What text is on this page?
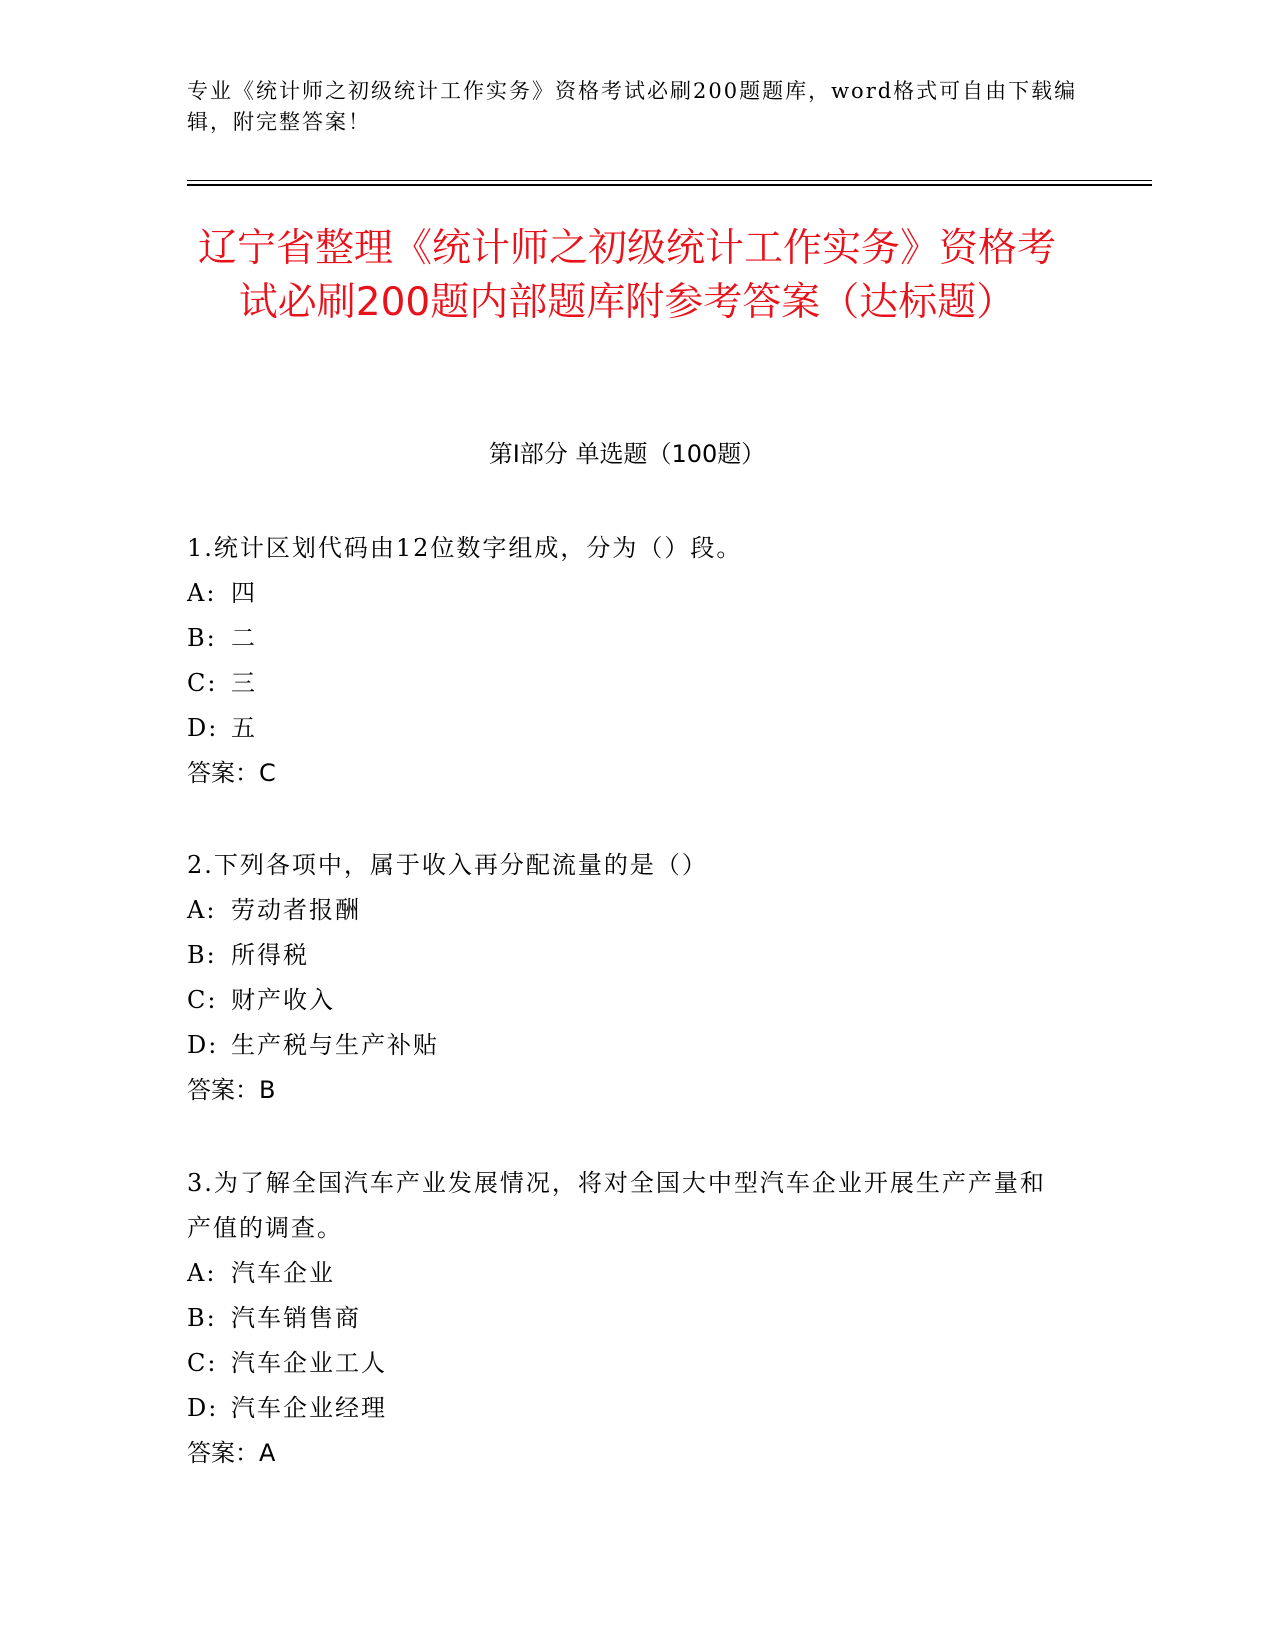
专业《统计师之初级统计工作实务》资格考试必刷200题题库，word格式可自由下载编辑，附完整答案！
辽宁省整理《统计师之初级统计工作实务》资格考试必刷200题内部题库附参考答案（达标题）
第I部分 单选题（100题）
1.统计区划代码由12位数字组成，分为（）段。
A: 四
B: 二
C: 三
D: 五
答案：C
2.下列各项中，属于收入再分配流量的是（）
A: 劳动者报酬
B: 所得税
C: 财产收入
D: 生产税与生产补贴
答案：B
3.为了解全国汽车产业发展情况，将对全国大中型汽车企业开展生产产量和产值的调查。
A: 汽车企业
B: 汽车销售商
C: 汽车企业工人
D: 汽车企业经理
答案：A
